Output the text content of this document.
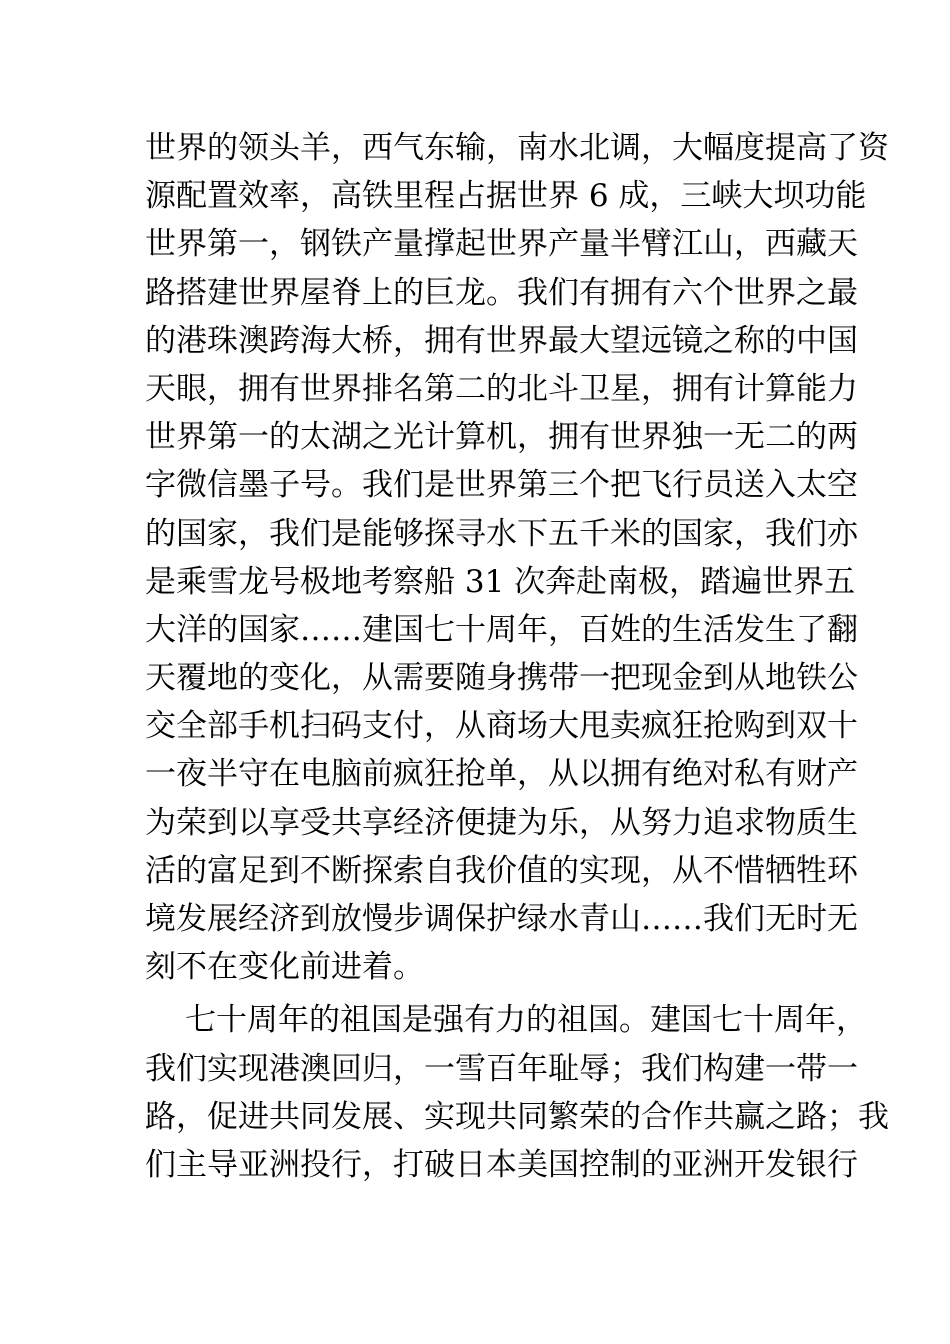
世界的领头羊，西气东输，南水北调，大幅度提高了资
源配置效率，高铁里程占据世界 6 成，三峡大坝功能
世界第一，钢铁产量撑起世界产量半臂江山，西藏天
路搭建世界屋脊上的巨龙。我们有拥有六个世界之最
的港珠澳跨海大桥，拥有世界最大望远镜之称的中国
天眼，拥有世界排名第二的北斗卫星，拥有计算能力
世界第一的太湖之光计算机，拥有世界独一无二的两
字微信墨子号。我们是世界第三个把飞行员送入太空
的国家，我们是能够探寻水下五千米的国家，我们亦
是乘雪龙号极地考察船 31 次奔赴南极，踏遍世界五
大洋的国家……建国七十周年，百姓的生活发生了翻
天覆地的变化，从需要随身携带一把现金到从地铁公
交全部手机扫码支付，从商场大甩卖疯狂抢购到双十
一夜半守在电脑前疯狂抢单，从以拥有绝对私有财产
为荣到以享受共享经济便捷为乐，从努力追求物质生
活的富足到不断探索自我价值的实现，从不惜牺牲环
境发展经济到放慢步调保护绿水青山……我们无时无
刻不在变化前进着。

七十周年的祖国是强有力的祖国。建国七十周年，
我们实现港澳回归，一雪百年耻辱；我们构建一带一
路，促进共同发展、实现共同繁荣的合作共赢之路；我
们主导亚洲投行，打破日本美国控制的亚洲开发银行
